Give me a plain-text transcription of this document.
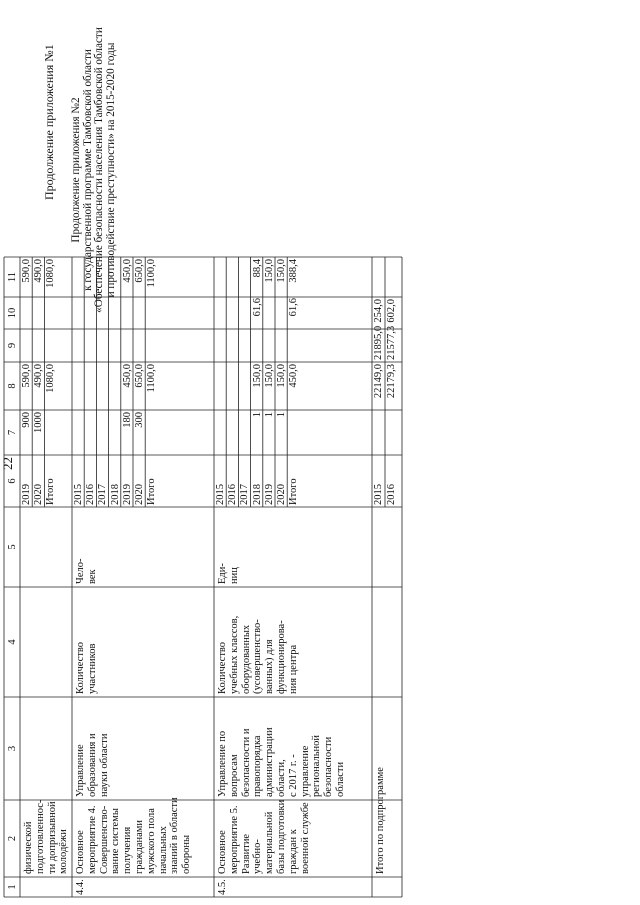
22
Продолжение приложения №1 Продолжение приложения №2 к государственной программе Тамбовской области «Обеспечение безопасности населения Тамбовской области и противодействие преступности» на 2015-2020 годы
1
2
3
4
5
6
7
8
9
10
11
физической подготовленнос- ти допризывной молодёжи
2019
900
590,0
590,0
2020
1000
490,0
490,0
Итого
1080,0
1080,0
4.4.
Основное мероприятие 4. Совершенство- вание системы получения гражданами мужского пола начальных знаний в области обороны
Управление образования и науки области
Количество участников
Чело- век
2015 2016 2017 2018 2019
180
450,0
450,0
2020
300
650,0
650,0
Итого
1100,0
1100,0
4.5.
Основное мероприятие 5. Развитие учебно- материальной базы подготовки граждан к военной службе
Управление по вопросам безопасности и правопорядка администрации области, с 2017 г. - управление региональной безопасности области
Количество учебных классов, оборудованных (усовершенство- ванных) для функционирова- ния центра
Еди- ниц
2015 2016 2017 2018
1
150,0
61,6
88,4
2019
1
150,0
150,0
2020
1
150,0
150,0
Итого
450,0
61,6
388,4
Итого по подпрограмме
2015
22149,0
21895,0
254,0
2016
22179,3
21577,3
602,0
